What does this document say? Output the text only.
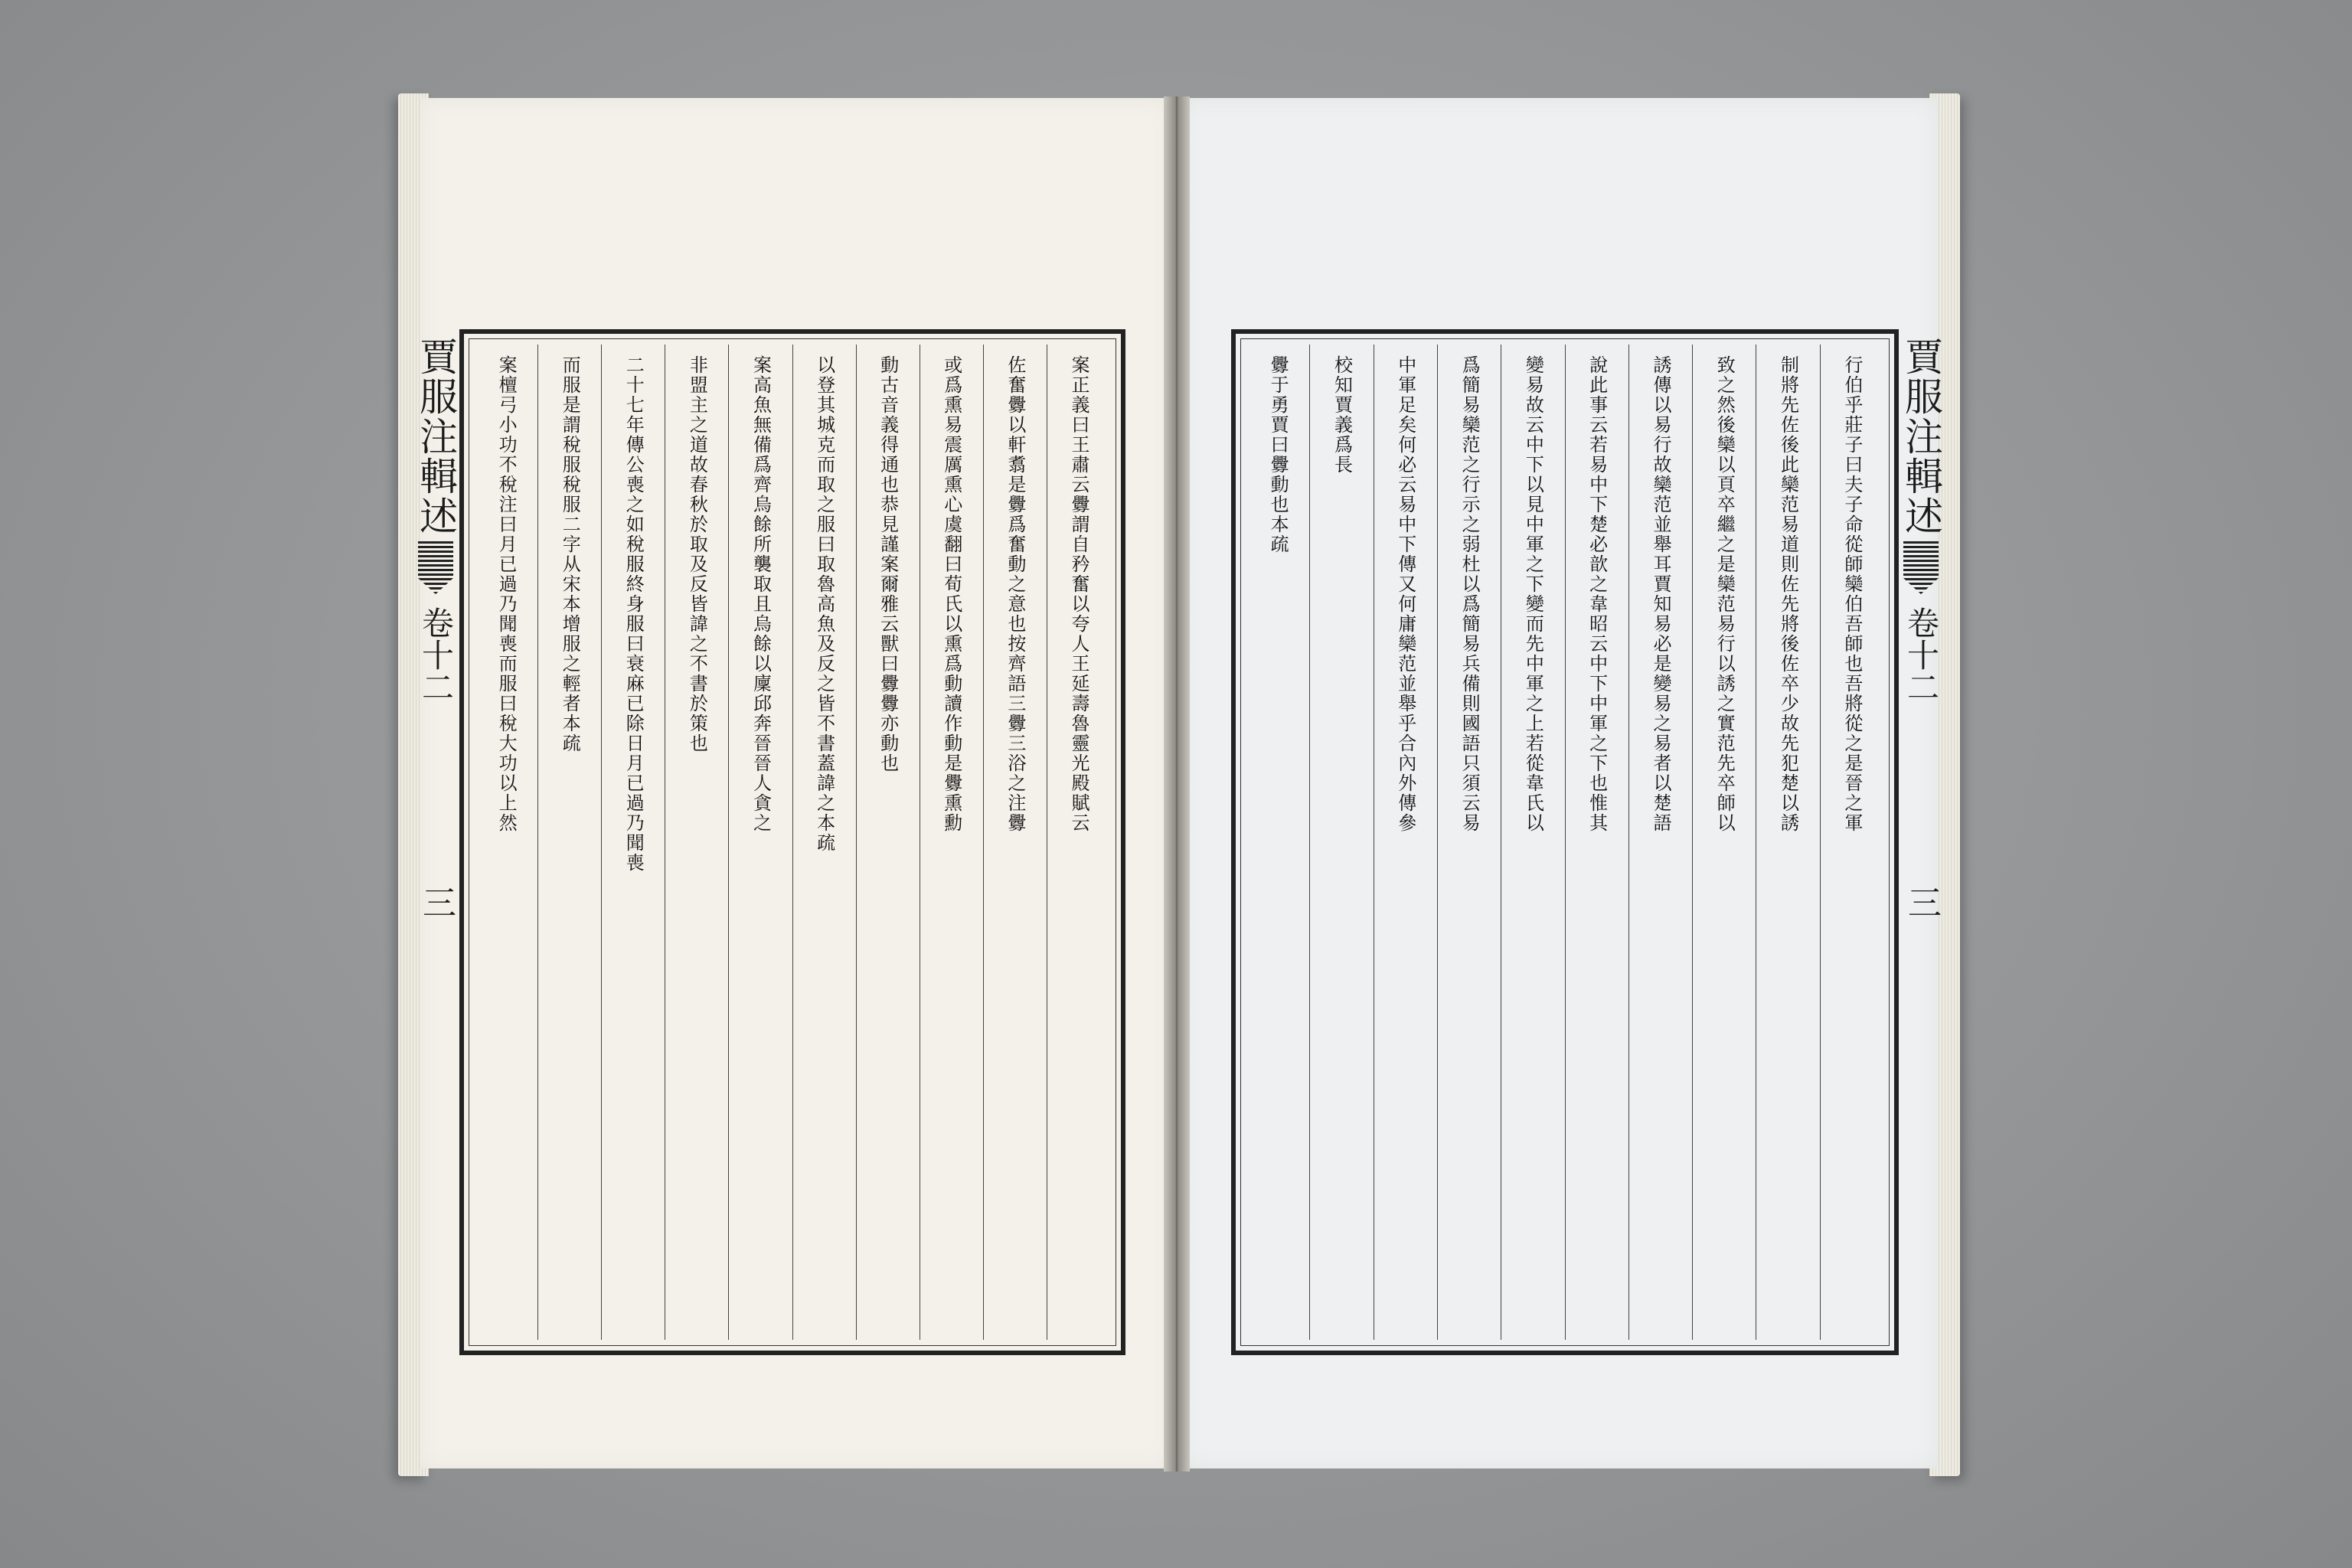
案正義曰王肅云釁謂自矜奮以夸人王延壽魯靈光殿賦云
佐奮釁以軒翥是釁爲奮動之意也按齊語三釁三浴之注釁
或爲熏易震厲熏心虞翻曰荀氏以熏爲動讀作動是釁熏勳
動古音義得通也恭見謹案爾雅云獸曰釁釁亦動也
以登其城克而取之服曰取魯高魚及反之皆不書蓋諱之本疏
案高魚無備爲齊烏餘所襲取且烏餘以廩邱奔晉晉人貪之
非盟主之道故春秋於取及反皆諱之不書於策也
二十七年傳公喪之如稅服終身服曰衰麻已除日月已過乃聞喪
而服是謂稅服稅服二字从宋本增服之輕者本疏
案檀弓小功不稅注曰月已過乃聞喪而服曰稅大功以上然	行伯乎莊子曰夫子命從師欒伯吾師也吾將從之是晉之軍
制將先佐後此欒范易道則佐先將後佐卒少故先犯楚以誘
致之然後欒以頁卒繼之是欒范易行以誘之實范先卒師以
誘傳以易行故欒范並舉耳賈知易必是變易之易者以楚語
說此事云若易中下楚必歆之韋昭云中下中軍之下也惟其
變易故云中下以見中軍之下變而先中軍之上若從韋氏以
爲簡易欒范之行示之弱杜以爲簡易兵備則國語只須云易
中軍足矣何必云易中下傳又何庸欒范並舉乎合內外傳參
校知賈義爲長
釁于勇賈曰釁動也本疏
賈服注輯述
卷十二
三
賈服注輯述
卷十二
三
